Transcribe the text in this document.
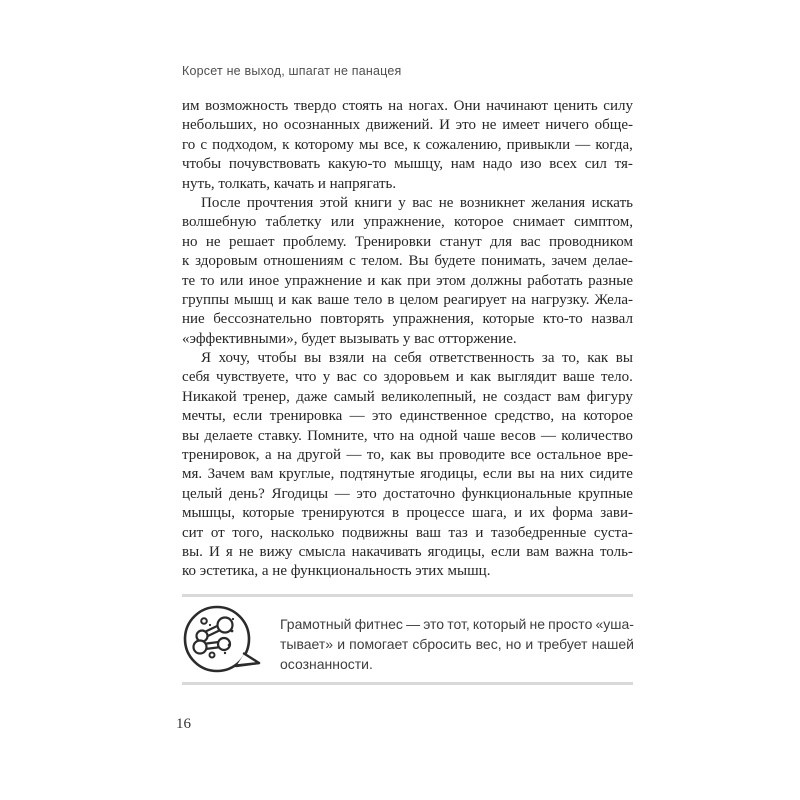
Корсет не выход, шпагат не панацея
им возможность твердо стоять на ногах. Они начинают ценить силу
небольших, но осознанных движений. И это не имеет ничего обще-
го с подходом, к которому мы все, к сожалению, привыкли — когда,
чтобы почувствовать какую-то мышцу, нам надо изо всех сил тя-
нуть, толкать, качать и напрягать.
После прочтения этой книги у вас не возникнет желания искать
волшебную таблетку или упражнение, которое снимает симптом,
но не решает проблему. Тренировки станут для вас проводником
к здоровым отношениям с телом. Вы будете понимать, зачем делае-
те то или иное упражнение и как при этом должны работать разные
группы мышц и как ваше тело в целом реагирует на нагрузку. Жела-
ние бессознательно повторять упражнения, которые кто-то назвал
«эффективными», будет вызывать у вас отторжение.
Я хочу, чтобы вы взяли на себя ответственность за то, как вы
себя чувствуете, что у вас со здоровьем и как выглядит ваше тело.
Никакой тренер, даже самый великолепный, не создаст вам фигуру
мечты, если тренировка — это единственное средство, на которое
вы делаете ставку. Помните, что на одной чаше весов — количество
тренировок, а на другой — то, как вы проводите все остальное вре-
мя. Зачем вам круглые, подтянутые ягодицы, если вы на них сидите
целый день? Ягодицы — это достаточно функциональные крупные
мышцы, которые тренируются в процессе шага, и их форма зави-
сит от того, насколько подвижны ваш таз и тазобедренные суста-
вы. И я не вижу смысла накачивать ягодицы, если вам важна толь-
ко эстетика, а не функциональность этих мышц.
Грамотный фитнес — это тот, который не просто «уша-
тывает» и помогает сбросить вес, но и требует нашей
осознанности.
16
